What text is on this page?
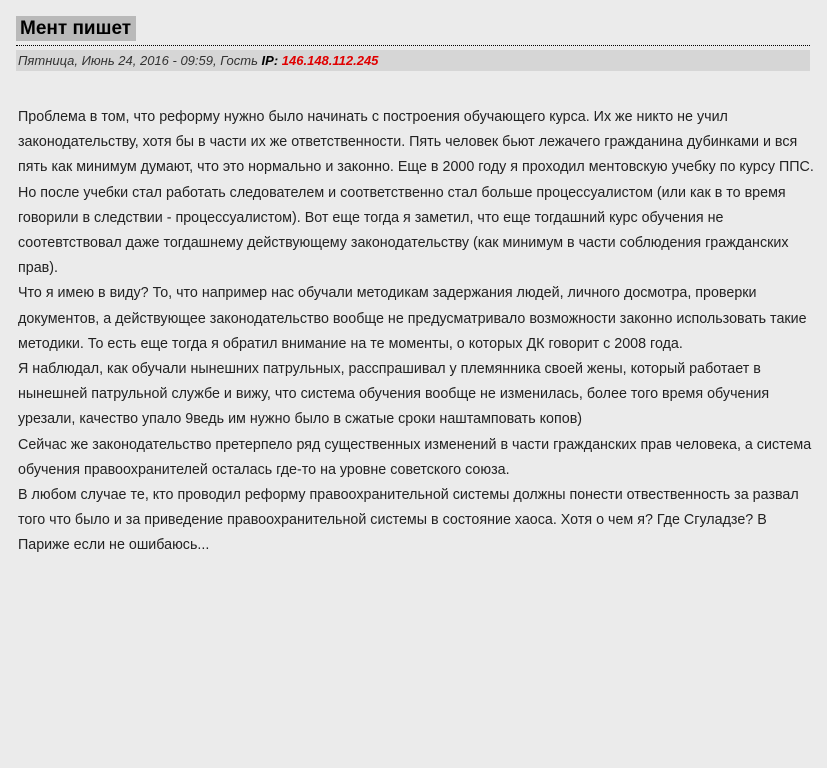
Мент пишет
Пятница, Июнь 24, 2016 - 09:59, Гость IP: 146.148.112.245

Проблема в том, что реформу нужно было начинать с построения обучающего курса. Их же никто не учил законодательству, хотя бы в части их же ответственности. Пять человек бьют лежачего гражданина дубинками и вся пять как минимум думают, что это нормально и законно. Еще в 2000 году я проходил ментовскую учебку по курсу ППС. Но после учебки стал работать следователем и соответственно стал больше процессуалистом (или как в то время говорили в следствии - процессуалистом). Вот еще тогда я заметил, что еще тогдашний курс обучения не соотевтствовал даже тогдашнему действующему законодательству (как минимум в части соблюдения гражданских прав).

Что я имею в виду? То, что например нас обучали методикам задержания людей, личного досмотра, проверки документов, а действующее законодательство вообще не предусматривало возможности законно использовать такие методики. То есть еще тогда я обратил внимание на те моменты, о которых ДК говорит с 2008 года.

Я наблюдал, как обучали нынешних патрульных, расспрашивал у племянника своей жены, который работает в нынешней патрульной службе и вижу, что система обучения вообще не изменилась, более того время обучения урезали, качество упало 9ведь им нужно было в сжатые сроки наштамповать копов)

Сейчас же законодательство претерпело ряд существенных изменений в части гражданских прав человека, а система обучения правоохранителей осталась где-то на уровне советского союза.

В любом случае те, кто проводил реформу правоохранительной системы должны понести отвественность за развал того что было и за приведение правоохранительной системы в состояние хаоса. Хотя о чем я? Где Сгуладзе? В Париже если не ошибаюсь...
